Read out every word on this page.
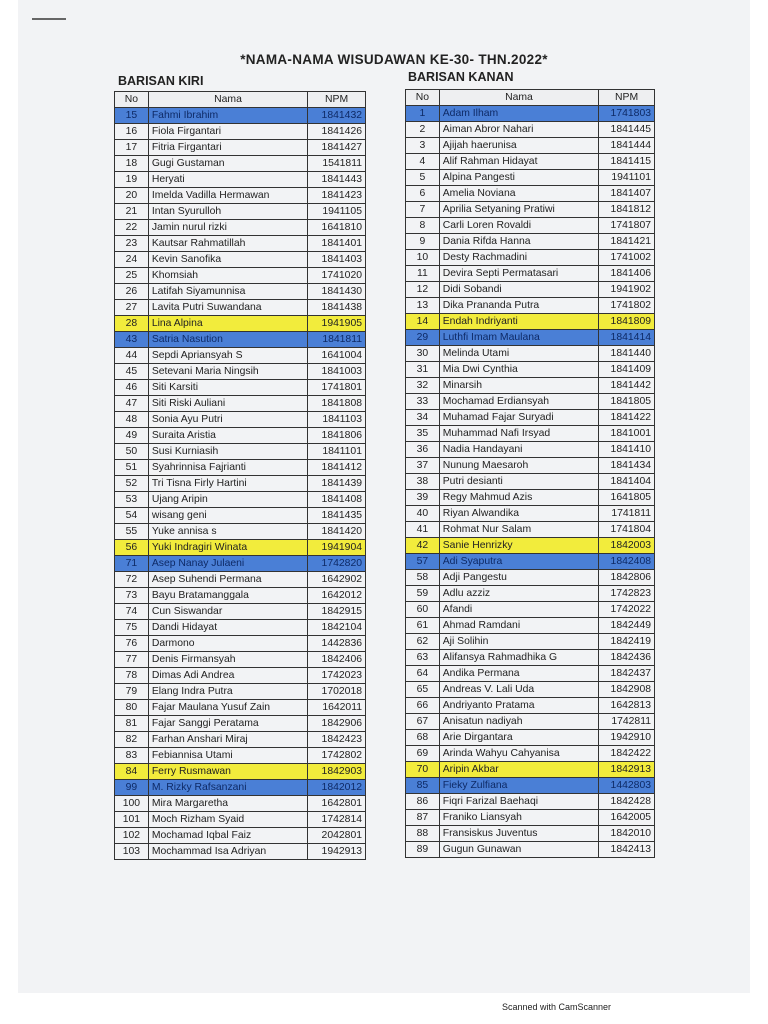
*NAMA-NAMA WISUDAWAN KE-30- THN.2022*
BARISAN KIRI	BARISAN KANAN
No	Nama	NPM
15	Fahmi Ibrahim	1841432
16	Fiola Firgantari	1841426
17	Fitria Firgantari	1841427
18	Gugi Gustaman	1541811
19	Heryati	1841443
20	Imelda Vadilla Hermawan	1841423
21	Intan Syurulloh	1941105
22	Jamin nurul rizki	1641810
23	Kautsar Rahmatillah	1841401
24	Kevin Sanofika	1841403
25	Khomsiah	1741020
26	Latifah Siyamunnisa	1841430
27	Lavita Putri Suwandana	1841438
28	Lina Alpina	1941905
43	Satria Nasution	1841811
44	Sepdi Apriansyah S	1641004
45	Setevani Maria Ningsih	1841003
46	Siti Karsiti	1741801
47	Siti Riski Auliani	1841808
48	Sonia Ayu Putri	1841103
49	Suraita Aristia	1841806
50	Susi Kurniasih	1841101
51	Syahrinnisa Fajrianti	1841412
52	Tri Tisna Firly Hartini	1841439
53	Ujang Aripin	1841408
54	wisang geni	1841435
55	Yuke annisa s	1841420
56	Yuki Indragiri Winata	1941904
71	Asep Nanay Julaeni	1742820
72	Asep Suhendi Permana	1642902
73	Bayu Bratamanggala	1642012
74	Cun Siswandar	1842915
75	Dandi Hidayat	1842104
76	Darmono	1442836
77	Denis Firmansyah	1842406
78	Dimas Adi Andrea	1742023
79	Elang Indra Putra	1702018
80	Fajar Maulana Yusuf Zain	1642011
81	Fajar Sanggi Peratama	1842906
82	Farhan Anshari Miraj	1842423
83	Febiannisa Utami	1742802
84	Ferry Rusmawan	1842903
99	M. Rizky Rafsanzani	1842012
100	Mira Margaretha	1642801
101	Moch Rizham Syaid	1742814
102	Mochamad Iqbal Faiz	2042801
103	Mochammad Isa Adriyan	1942913
No	Nama	NPM
1	Adam Ilham	1741803
2	Aiman Abror Nahari	1841445
3	Ajijah haerunisa	1841444
4	Alif Rahman Hidayat	1841415
5	Alpina Pangesti	1941101
6	Amelia Noviana	1841407
7	Aprilia Setyaning Pratiwi	1841812
8	Carli Loren Rovaldi	1741807
9	Dania Rifda Hanna	1841421
10	Desty Rachmadini	1741002
11	Devira Septi Permatasari	1841406
12	Didi Sobandi	1941902
13	Dika Prananda Putra	1741802
14	Endah Indriyanti	1841809
29	Luthfi Imam Maulana	1841414
30	Melinda Utami	1841440
31	Mia Dwi Cynthia	1841409
32	Minarsih	1841442
33	Mochamad Erdiansyah	1841805
34	Muhamad Fajar Suryadi	1841422
35	Muhammad Nafi Irsyad	1841001
36	Nadia Handayani	1841410
37	Nunung Maesaroh	1841434
38	Putri desianti	1841404
39	Regy Mahmud Azis	1641805
40	Riyan Alwandika	1741811
41	Rohmat Nur Salam	1741804
42	Sanie Henrizky	1842003
57	Adi Syaputra	1842408
58	Adji Pangestu	1842806
59	Adlu azziz	1742823
60	Afandi	1742022
61	Ahmad Ramdani	1842449
62	Aji Solihin	1842419
63	Alifansya Rahmadhika G	1842436
64	Andika Permana	1842437
65	Andreas V. Lali Uda	1842908
66	Andriyanto Pratama	1642813
67	Anisatun nadiyah	1742811
68	Arie Dirgantara	1942910
69	Arinda Wahyu Cahyanisa	1842422
70	Aripin Akbar	1842913
85	Fieky Zulfiana	1442803
86	Fiqri Farizal Baehaqi	1842428
87	Franiko Liansyah	1642005
88	Fransiskus Juventus	1842010
89	Gugun Gunawan	1842413
Scanned with CamScanner
